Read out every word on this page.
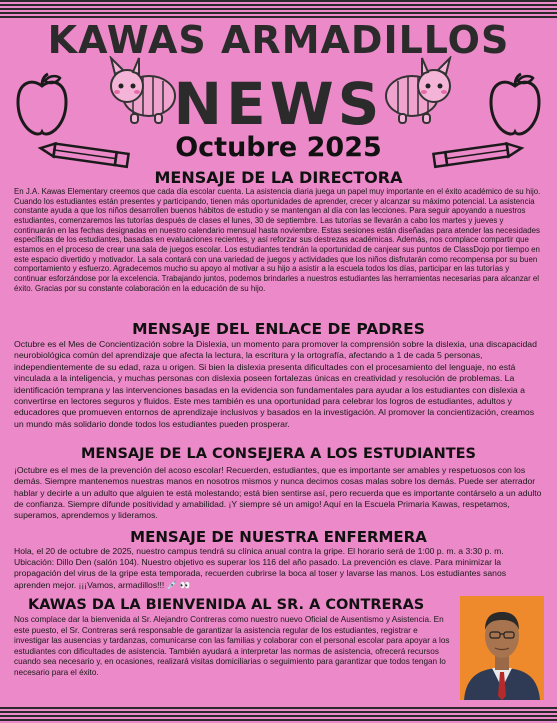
KAWAS ARMADILLOS
NEWS
Octubre 2025
MENSAJE DE LA DIRECTORA

En J.A. Kawas Elementary creemos que cada día escolar cuenta. La asistencia diaria juega un papel muy importante en el éxito académico de su hijo. Cuando los estudiantes están presentes y participando, tienen más oportunidades de aprender, crecer y alcanzar su máximo potencial. La asistencia constante ayuda a que los niños desarrollen buenos hábitos de estudio y se mantengan al día con las lecciones. Para seguir apoyando a nuestros estudiantes, comenzaremos las tutorías después de clases el lunes, 30 de septiembre. Las tutorías se llevarán a cabo los martes y jueves y continuarán en las fechas designadas en nuestro calendario mensual hasta noviembre. Estas sesiones están diseñadas para atender las necesidades específicas de los estudiantes, basadas en evaluaciones recientes, y así reforzar sus destrezas académicas. Además, nos complace compartir que estamos en el proceso de crear una sala de juegos escolar. Los estudiantes tendrán la oportunidad de canjear sus puntos de ClassDojo por tiempo en este espacio divertido y motivador. La sala contará con una variedad de juegos y actividades que los niños disfrutarán como recompensa por su buen comportamiento y esfuerzo. Agradecemos mucho su apoyo al motivar a su hijo a asistir a la escuela todos los días, participar en las tutorías y continuar esforzándose por la excelencia. Trabajando juntos, podemos brindarles a nuestros estudiantes las herramientas necesarias para alcanzar el éxito. Gracias por su constante colaboración en la educación de su hijo.

MENSAJE DEL ENLACE DE PADRES

Octubre es el Mes de Concientización sobre la Dislexia, un momento para promover la comprensión sobre la dislexia, una discapacidad neurobiológica común del aprendizaje que afecta la lectura, la escritura y la ortografía, afectando a 1 de cada 5 personas, independientemente de su edad, raza u origen. Si bien la dislexia presenta dificultades con el procesamiento del lenguaje, no está vinculada a la inteligencia, y muchas personas con dislexia poseen fortalezas únicas en creatividad y resolución de problemas. La identificación temprana y las intervenciones basadas en la evidencia son fundamentales para ayudar a los estudiantes con dislexia a convertirse en lectores seguros y fluidos. Este mes también es una oportunidad para celebrar los logros de estudiantes, adultos y educadores que promueven entornos de aprendizaje inclusivos y basados en la investigación. Al promover la concientización, creamos un mundo más solidario donde todos los estudiantes pueden prosperar.

MENSAJE DE LA CONSEJERA A LOS ESTUDIANTES

¡Octubre es el mes de la prevención del acoso escolar! Recuerden, estudiantes, que es importante ser amables y respetuosos con los demás. Siempre mantenemos nuestras manos en nosotros mismos y nunca decimos cosas malas sobre los demás. Puede ser aterrador hablar y decirle a un adulto que alguien te está molestando; está bien sentirse así, pero recuerda que es importante contárselo a un adulto de confianza. Siempre difunde positividad y amabilidad. ¡Y siempre sé un amigo! Aquí en la Escuela Primaria Kawas, respetamos, superamos, aprendemos y lideramos.

MENSAJE DE NUESTRA ENFERMERA

Hola, el 20 de octubre de 2025, nuestro campus tendrá su clínica anual contra la gripe. El horario será de 1:00 p. m. a 3:30 p. m. Ubicación: Dillo Den (salón 104). Nuestro objetivo es superar los 116 del año pasado. La prevención es clave. Para minimizar la propagación del virus de la gripe esta temporada, recuerden cubrirse la boca al toser y lavarse las manos. Los estudiantes sanos aprenden mejor. ¡¡¡Vamos, armadillos!!! 💉 👀

KAWAS DA LA BIENVENIDA AL SR. A CONTRERAS

Nos complace dar la bienvenida al Sr. Alejandro Contreras como nuestro nuevo Oficial de Ausentismo y Asistencia. En este puesto, el Sr. Contreras será responsable de garantizar la asistencia regular de los estudiantes, registrar e investigar las ausencias y tardanzas, comunicarse con las familias y colaborar con el personal escolar para apoyar a los estudiantes con dificultades de asistencia. También ayudará a interpretar las normas de asistencia, ofrecerá recursos cuando sea necesario y, en ocasiones, realizará visitas domiciliarias o seguimiento para garantizar que todos tengan lo necesario para el éxito.
